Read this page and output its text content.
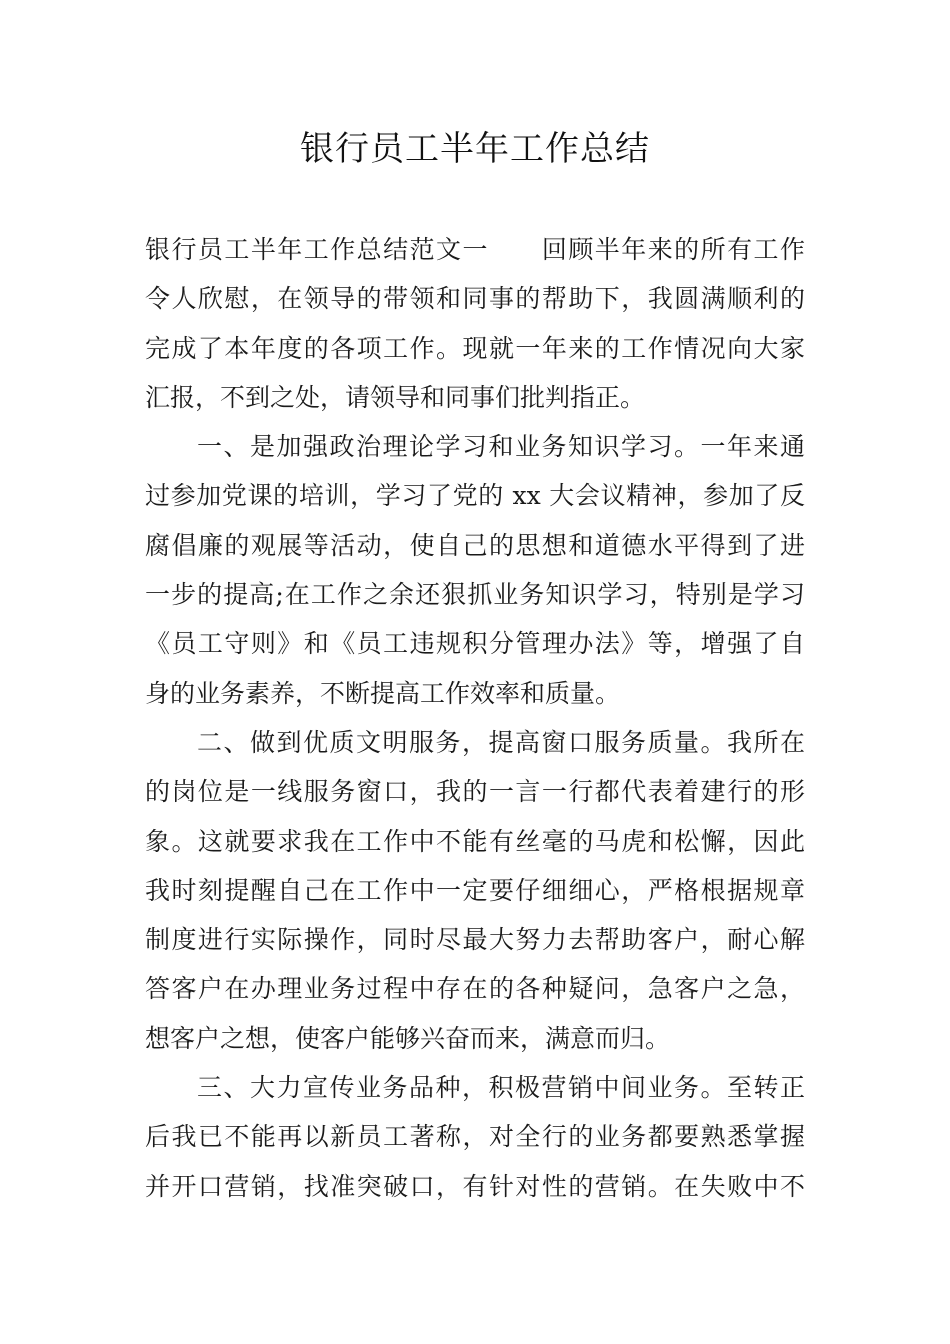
银行员工半年工作总结
银行员工半年工作总结范文一　　回顾半年来的所有工作
令人欣慰，在领导的带领和同事的帮助下，我圆满顺利的
完成了本年度的各项工作。现就一年来的工作情况向大家
汇报，不到之处，请领导和同事们批判指正。
一、是加强政治理论学习和业务知识学习。一年来通
过参加党课的培训，学习了党的 xx 大会议精神，参加了反
腐倡廉的观展等活动，使自己的思想和道德水平得到了进
一步的提高;在工作之余还狠抓业务知识学习，特别是学习
《员工守则》和《员工违规积分管理办法》等，增强了自
身的业务素养，不断提高工作效率和质量。
二、做到优质文明服务，提高窗口服务质量。我所在
的岗位是一线服务窗口，我的一言一行都代表着建行的形
象。这就要求我在工作中不能有丝毫的马虎和松懈，因此
我时刻提醒自己在工作中一定要仔细细心，严格根据规章
制度进行实际操作，同时尽最大努力去帮助客户，耐心解
答客户在办理业务过程中存在的各种疑问，急客户之急，
想客户之想，使客户能够兴奋而来，满意而归。
三、大力宣传业务品种，积极营销中间业务。至转正
后我已不能再以新员工著称，对全行的业务都要熟悉掌握
并开口营销，找准突破口，有针对性的营销。在失败中不
